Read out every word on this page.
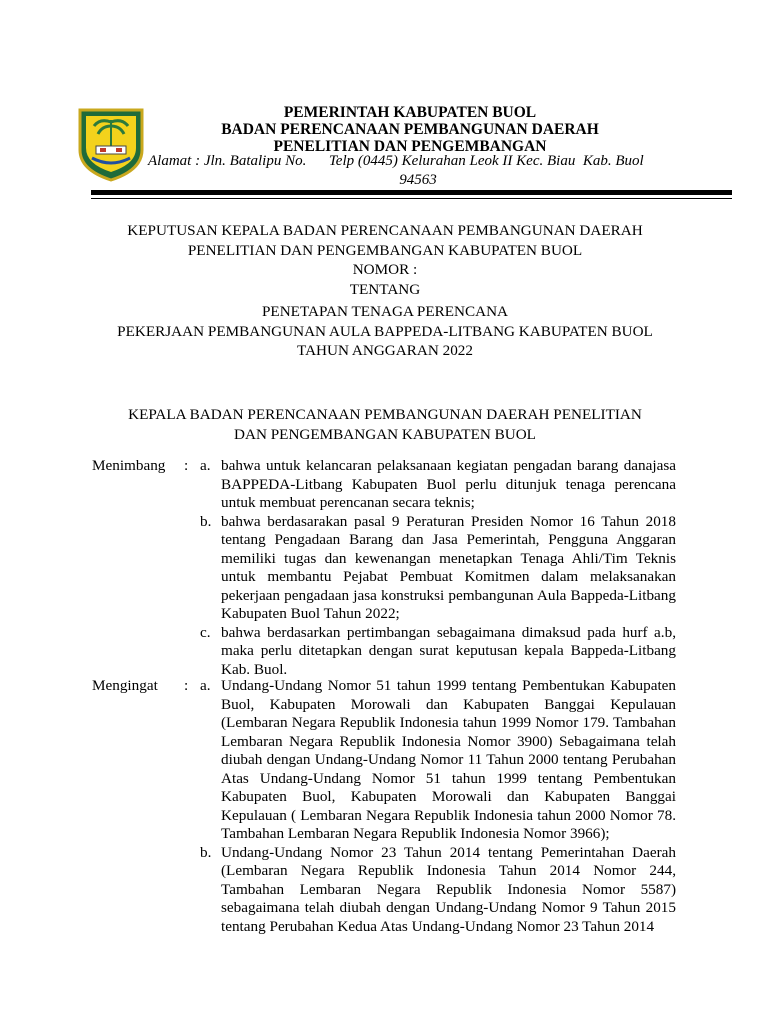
PEMERINTAH KABUPATEN BUOL
BADAN PERENCANAAN PEMBANGUNAN DAERAH
PENELITIAN DAN PENGEMBANGAN
Alamat : Jln. Batalipu No.      Telp (0445) Kelurahan Leok II Kec. Biau  Kab. Buol
94563
KEPUTUSAN KEPALA BADAN PERENCANAAN PEMBANGUNAN DAERAH
PENELITIAN DAN PENGEMBANGAN KABUPATEN BUOL
NOMOR :
TENTANG
PENETAPAN TENAGA PERENCANA
PEKERJAAN PEMBANGUNAN AULA BAPPEDA-LITBANG KABUPATEN BUOL
TAHUN ANGGARAN 2022
KEPALA BADAN PERENCANAAN PEMBANGUNAN DAERAH PENELITIAN
DAN PENGEMBANGAN KABUPATEN BUOL
Menimbang : a. bahwa untuk kelancaran pelaksanaan kegiatan pengadan barang danajasa BAPPEDA-Litbang Kabupaten Buol perlu ditunjuk tenaga perencana untuk membuat perencanan secara teknis;
b. bahwa berdasarakan pasal 9 Peraturan Presiden Nomor 16 Tahun 2018 tentang Pengadaan Barang dan Jasa Pemerintah, Pengguna Anggaran memiliki tugas dan kewenangan menetapkan Tenaga Ahli/Tim Teknis untuk membantu Pejabat Pembuat Komitmen dalam melaksanakan pekerjaan pengadaan jasa konstruksi pembangunan Aula Bappeda-Litbang Kabupaten Buol Tahun 2022;
c. bahwa berdasarkan pertimbangan sebagaimana dimaksud pada hurf a.b, maka perlu ditetapkan dengan surat keputusan kepala Bappeda-Litbang Kab. Buol.
Mengingat : a. Undang-Undang Nomor 51 tahun 1999 tentang Pembentukan Kabupaten Buol, Kabupaten Morowali dan Kabupaten Banggai Kepulauan (Lembaran Negara Republik Indonesia tahun 1999 Nomor 179. Tambahan Lembaran Negara Republik Indonesia Nomor 3900) Sebagaimana telah diubah dengan Undang-Undang Nomor 11 Tahun 2000 tentang Perubahan Atas Undang-Undang Nomor 51 tahun 1999 tentang Pembentukan Kabupaten Buol, Kabupaten Morowali dan Kabupaten Banggai Kepulauan ( Lembaran Negara Republik Indonesia tahun 2000 Nomor 78. Tambahan Lembaran Negara Republik Indonesia Nomor 3966);
b. Undang-Undang Nomor 23 Tahun 2014 tentang Pemerintahan Daerah (Lembaran Negara Republik Indonesia Tahun 2014 Nomor 244, Tambahan Lembaran Negara Republik Indonesia Nomor 5587) sebagaimana telah diubah dengan Undang-Undang Nomor 9 Tahun 2015 tentang Perubahan Kedua Atas Undang-Undang Nomor 23 Tahun 2014
